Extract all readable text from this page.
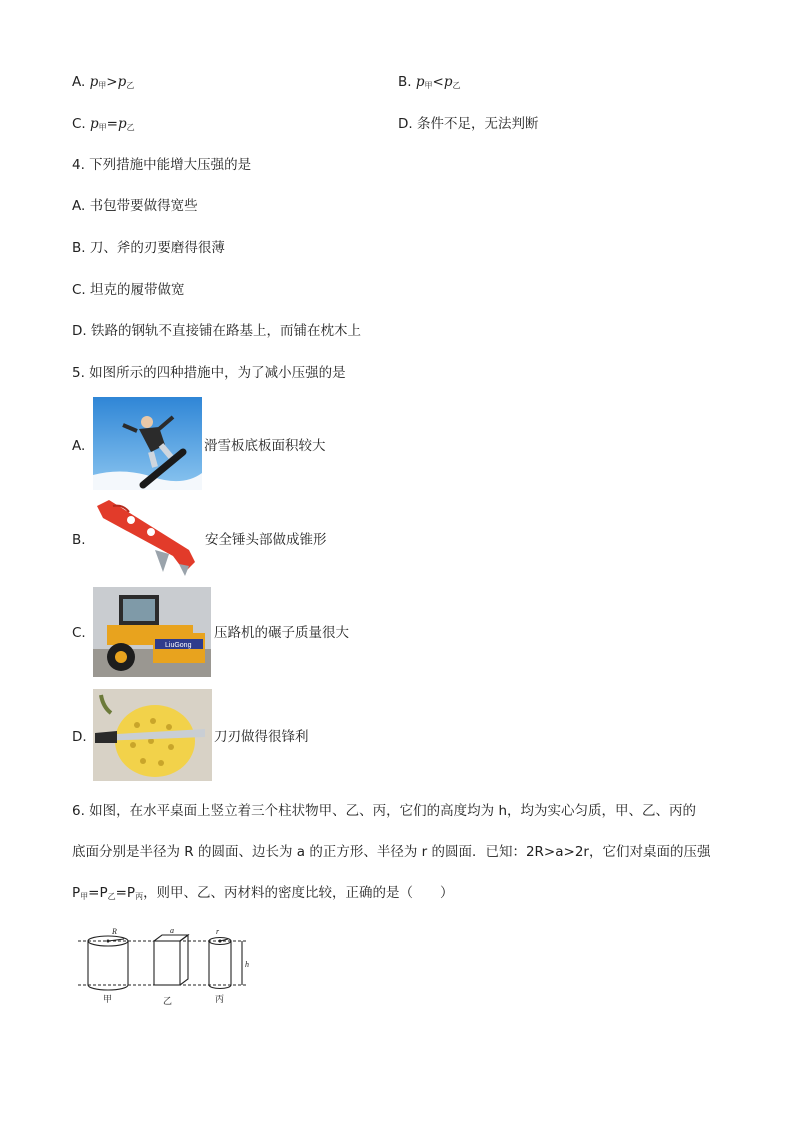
A. $p_甲>p_乙$	B. $p_甲<p_乙$
C. $p_甲=p_乙$	D. 条件不足，无法判断
4. 下列措施中能增大压强的是
A. 书包带要做得宽些
B. 刀、斧的刃要磨得很薄
C. 坦克的履带做宽
D. 铁路的钢轨不直接铺在路基上，而铺在枕木上
5. 如图所示的四种措施中，为了减小压强的是
A.	滑雪板底板面积较大
B.	安全锤头部做成锥形
C.
LiuGong
压路机的碾子质量很大
D.	刀刃做得很锋利
6. 如图，在水平桌面上竖立着三个柱状物甲、乙、丙，它们的高度均为 h，均为实心匀质，甲、乙、丙的
底面分别是半径为 R 的圆面、边长为 a 的正方形、半径为 r 的圆面．已知：2R>a>2r，它们对桌面的压强
$P_甲=P_乙=P_丙$，则甲、乙、丙材料的密度比较，正确的是（　　）
R	a	r
h
甲	乙	丙
